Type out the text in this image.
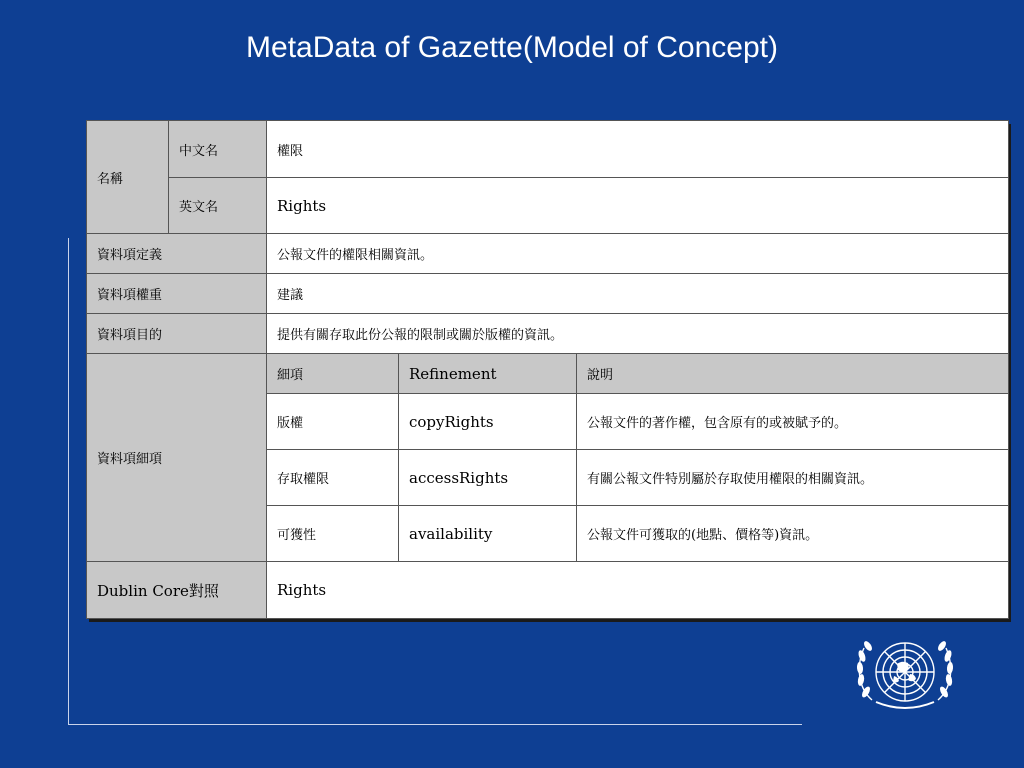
MetaData of Gazette(Model of Concept)
名稱	中文名	權限		
	英文名	Rights		
資料項定義		公報文件的權限相關資訊。		
資料項權重		建議		
資料項目的		提供有關存取此份公報的限制或關於版權的資訊。		
資料項細項		細項	Refinement	說明
		版權	copyRights	公報文件的著作權，包含原有的或被賦予的。
		存取權限	accessRights	有關公報文件特別屬於存取使用權限的相關資訊。
		可獲性	availability	公報文件可獲取的(地點、價格等)資訊。
Dublin Core對照		Rights		
